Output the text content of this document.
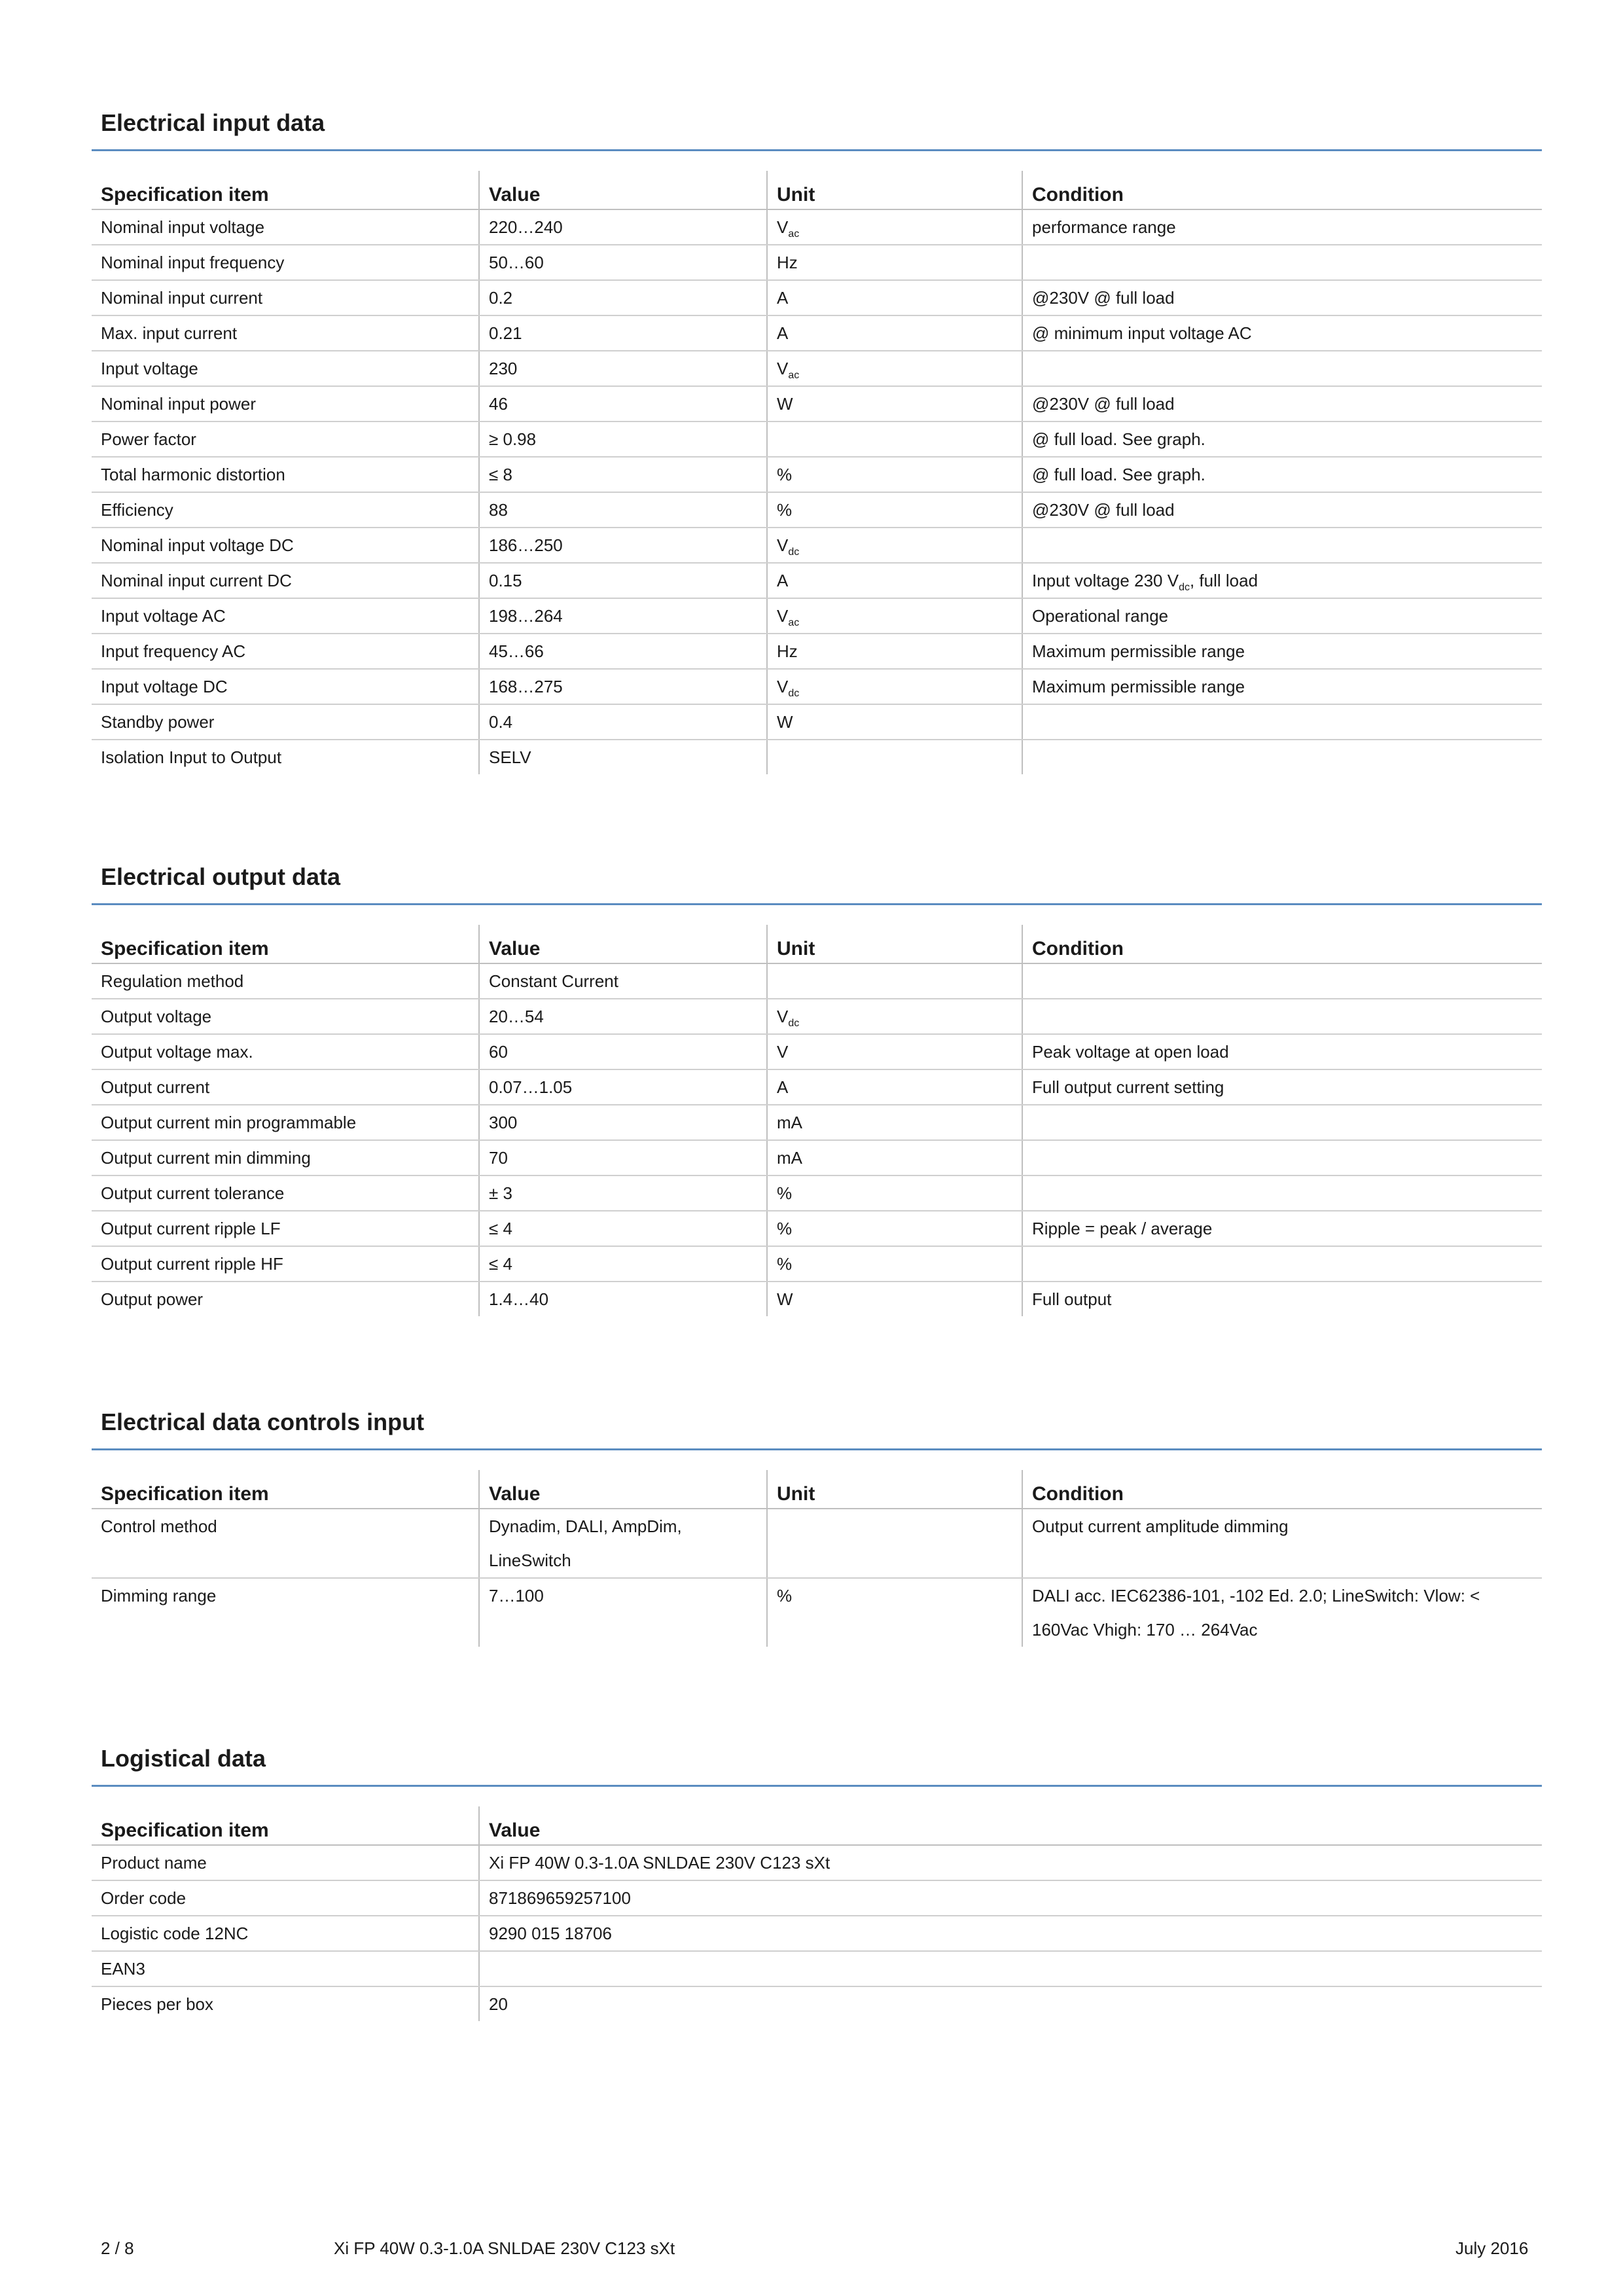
Electrical input data
Specification item	Value	Unit	Condition
Nominal input voltage	220…240	$V_{ac}$	performance range
Nominal input frequency	50…60	Hz	
Nominal input current	0.2	A	@230V @ full load
Max. input current	0.21	A	@ minimum input voltage AC
Input voltage	230	$V_{ac}$	
Nominal input power	46	W	@230V @ full load
Power factor	≥ 0.98		@ full load. See graph.
Total harmonic distortion	≤ 8	%	@ full load. See graph.
Efficiency	88	%	@230V @ full load
Nominal input voltage DC	186…250	$V_{dc}$	
Nominal input current DC	0.15	A	Input voltage 230 $V_{dc}$, full load
Input voltage AC	198…264	$V_{ac}$	Operational range
Input frequency AC	45…66	Hz	Maximum permissible range
Input voltage DC	168…275	$V_{dc}$	Maximum permissible range
Standby power	0.4	W	
Isolation Input to Output	SELV		
Electrical output data
Specification item	Value	Unit	Condition
Regulation method	Constant Current		
Output voltage	20…54	$V_{dc}$	
Output voltage max.	60	V	Peak voltage at open load
Output current	0.07…1.05	A	Full output current setting
Output current min programmable	300	mA	
Output current min dimming	70	mA	
Output current tolerance	± 3	%	
Output current ripple LF	≤ 4	%	Ripple = peak / average
Output current ripple HF	≤ 4	%	
Output power	1.4…40	W	Full output
Electrical data controls input
Specification item	Value	Unit	Condition
Control method	Dynadim, DALI, AmpDim, LineSwitch		Output current amplitude dimming
Dimming range	7…100	%	DALI acc. IEC62386-101, -102 Ed. 2.0; LineSwitch: Vlow: < 160Vac Vhigh: 170 … 264Vac
Logistical data
Specification item	Value
Product name	Xi FP 40W 0.3-1.0A SNLDAE 230V C123 sXt
Order code	871869659257100
Logistic code 12NC	9290 015 18706
EAN3	
Pieces per box	20
2 / 8	Xi FP 40W 0.3-1.0A SNLDAE 230V C123 sXt	July 2016
